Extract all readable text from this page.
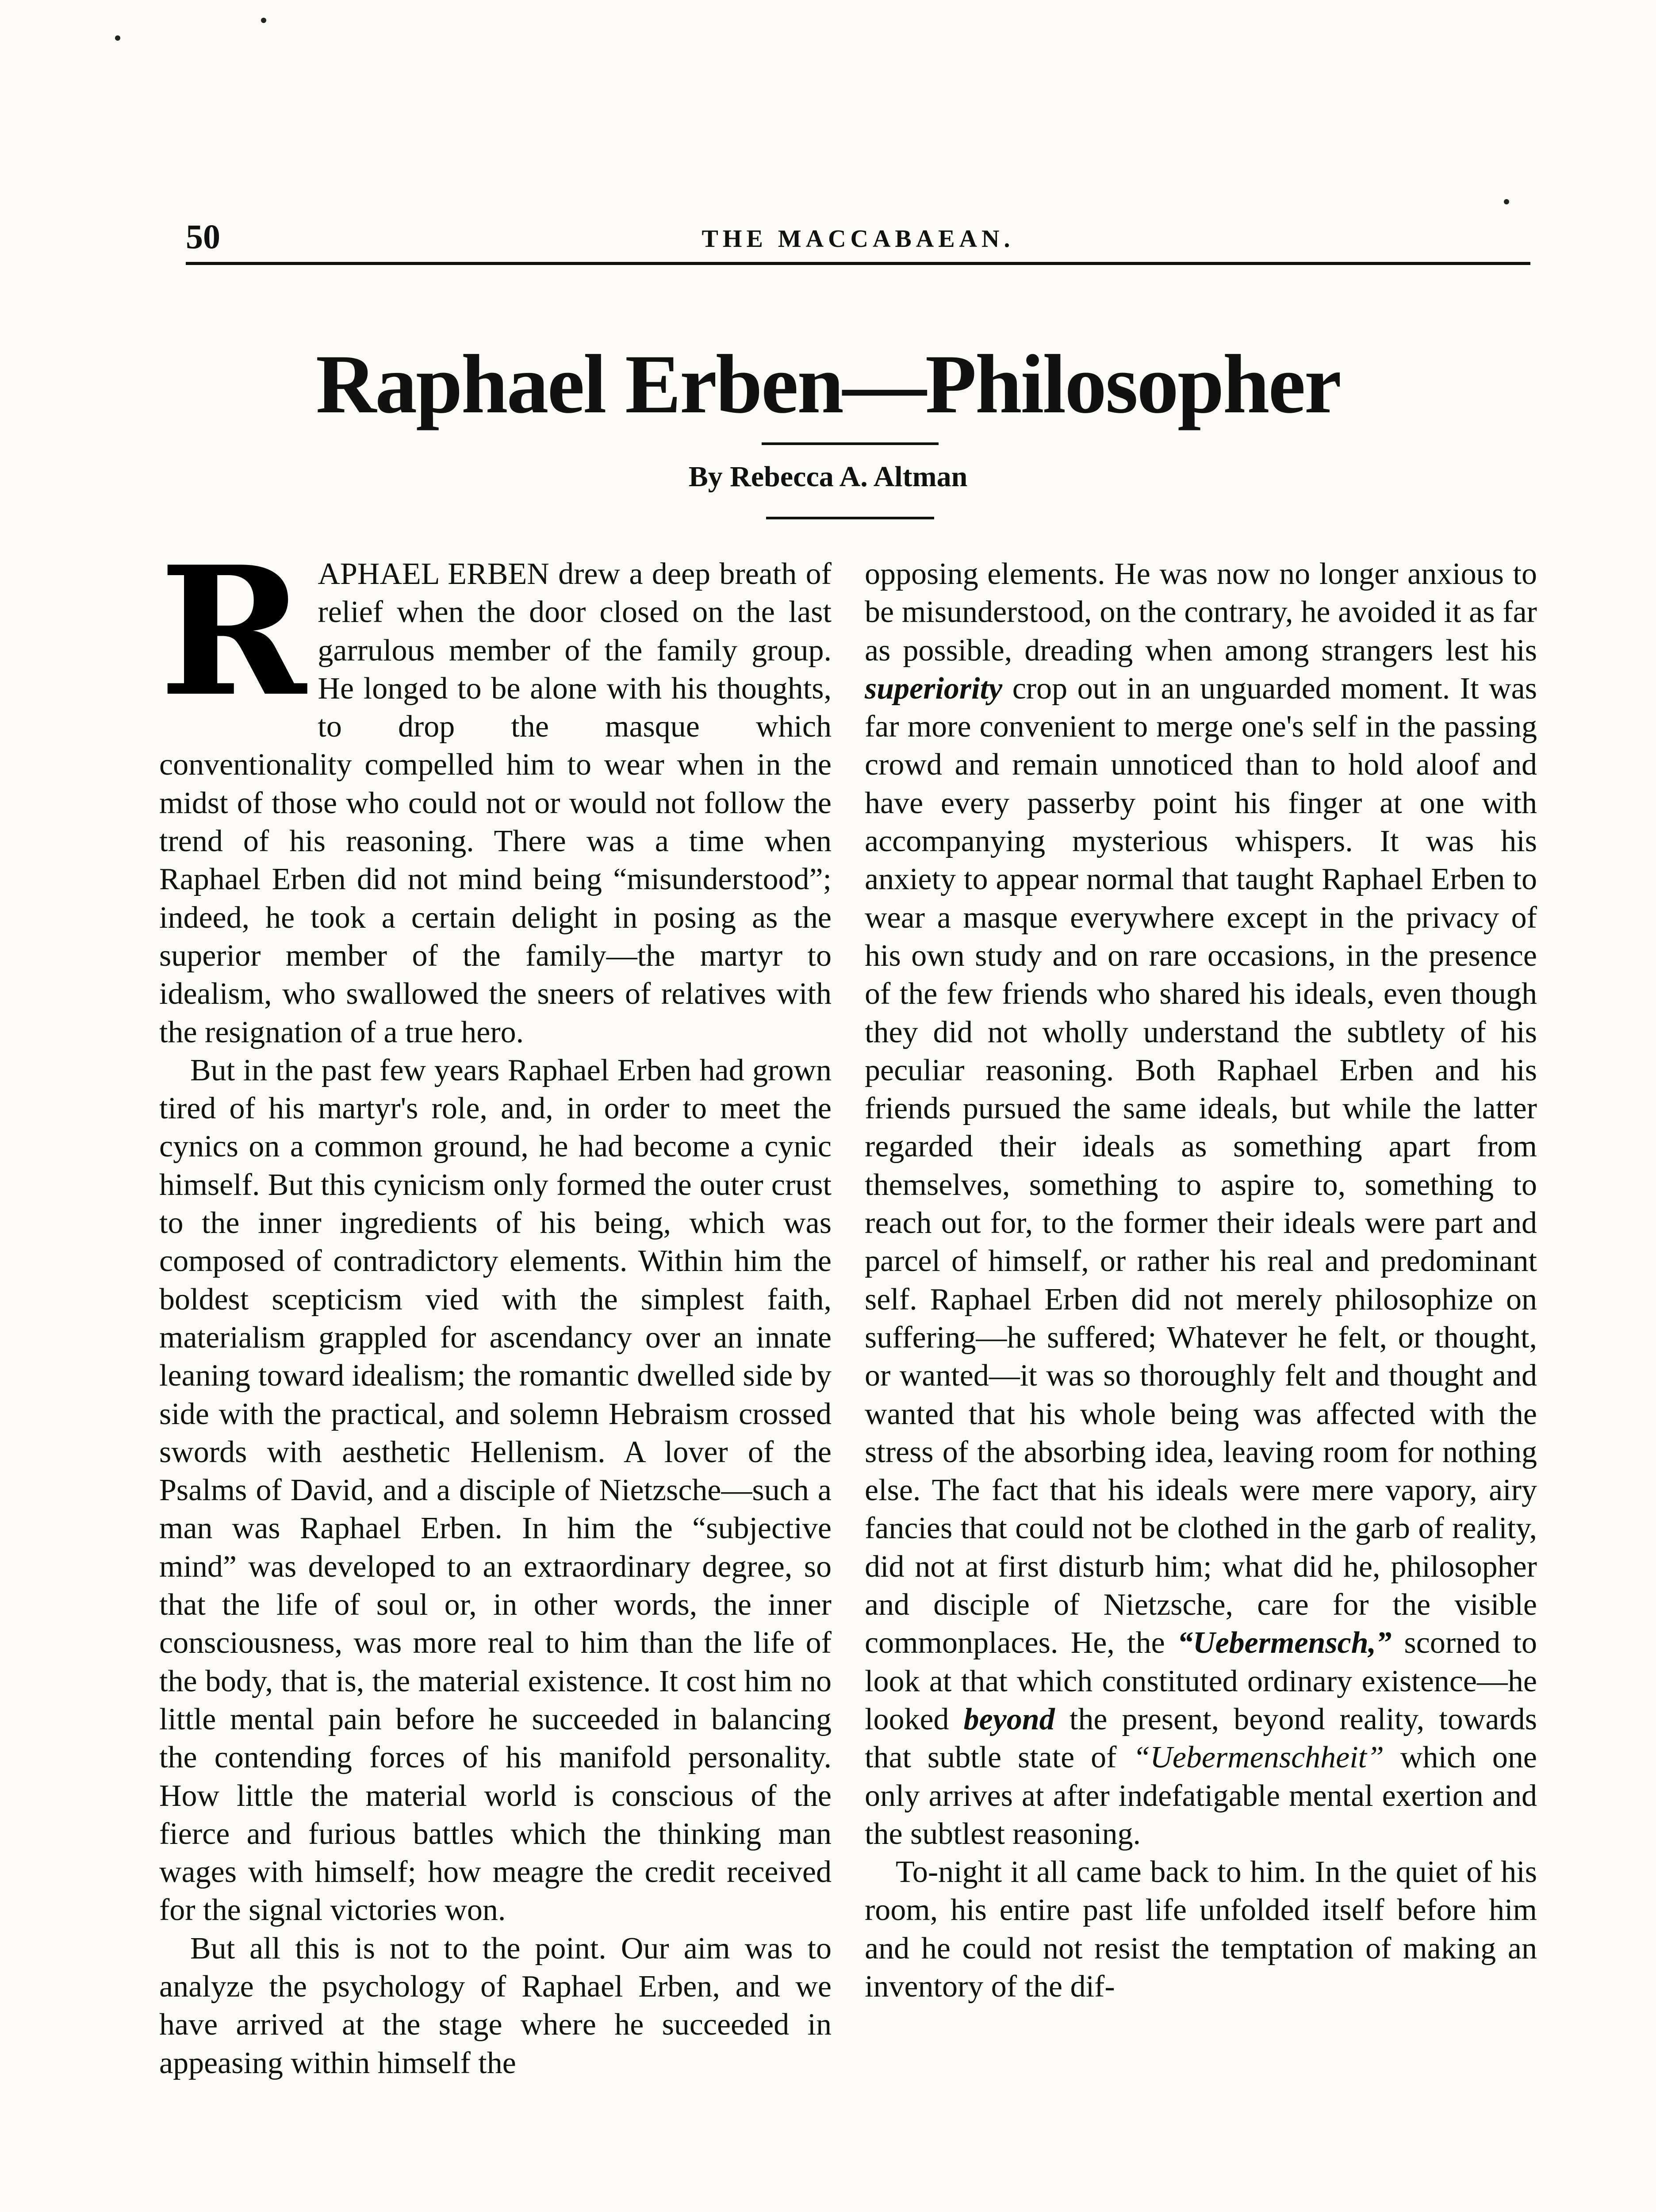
50	THE MACCABAEAN.
Raphael Erben—Philosopher
By Rebecca A. Altman

RAPHAEL ERBEN drew a deep breath of relief when the door closed on the last garrulous member of the family group. He longed to be alone with his thoughts, to drop the masque which conventionality compelled him to wear when in the midst of those who could not or would not follow the trend of his reasoning. There was a time when Raphael Erben did not mind being “misunderstood”; indeed, he took a certain delight in posing as the superior member of the family—the martyr to idealism, who swallowed the sneers of relatives with the resignation of a true hero.

But in the past few years Raphael Erben had grown tired of his martyr's role, and, in order to meet the cynics on a common ground, he had become a cynic himself. But this cynicism only formed the outer crust to the inner ingredients of his being, which was composed of contradictory elements. Within him the boldest scepticism vied with the simplest faith, materialism grappled for ascendancy over an innate leaning toward idealism; the romantic dwelled side by side with the practical, and solemn Hebraism crossed swords with aesthetic Hellenism. A lover of the Psalms of David, and a disciple of Nietzsche—such a man was Raphael Erben. In him the “subjective mind” was developed to an extraordinary degree, so that the life of soul or, in other words, the inner consciousness, was more real to him than the life of the body, that is, the material existence. It cost him no little mental pain before he succeeded in balancing the contending forces of his manifold personality. How little the material world is conscious of the fierce and furious battles which the thinking man wages with himself; how meagre the credit received for the signal victories won.

But all this is not to the point. Our aim was to analyze the psychology of Raphael Erben, and we have arrived at the stage where he succeeded in appeasing within himself the

opposing elements. He was now no longer anxious to be misunderstood, on the contrary, he avoided it as far as possible, dreading when among strangers lest his superiority crop out in an unguarded moment. It was far more convenient to merge one's self in the passing crowd and remain unnoticed than to hold aloof and have every passerby point his finger at one with accompanying mysterious whispers. It was his anxiety to appear normal that taught Raphael Erben to wear a masque everywhere except in the privacy of his own study and on rare occasions, in the presence of the few friends who shared his ideals, even though they did not wholly understand the subtlety of his peculiar reasoning. Both Raphael Erben and his friends pursued the same ideals, but while the latter regarded their ideals as something apart from themselves, something to aspire to, something to reach out for, to the former their ideals were part and parcel of himself, or rather his real and predominant self. Raphael Erben did not merely philosophize on suffering—he suffered; Whatever he felt, or thought, or wanted—it was so thoroughly felt and thought and wanted that his whole being was affected with the stress of the absorbing idea, leaving room for nothing else. The fact that his ideals were mere vapory, airy fancies that could not be clothed in the garb of reality, did not at first disturb him; what did he, philosopher and disciple of Nietzsche, care for the visible commonplaces. He, the “Uebermensch,” scorned to look at that which constituted ordinary existence—he looked beyond the present, beyond reality, towards that subtle state of “Uebermenschheit” which one only arrives at after indefatigable mental exertion and the subtlest reasoning.

To-night it all came back to him. In the quiet of his room, his entire past life unfolded itself before him and he could not resist the temptation of making an inventory of the dif-
